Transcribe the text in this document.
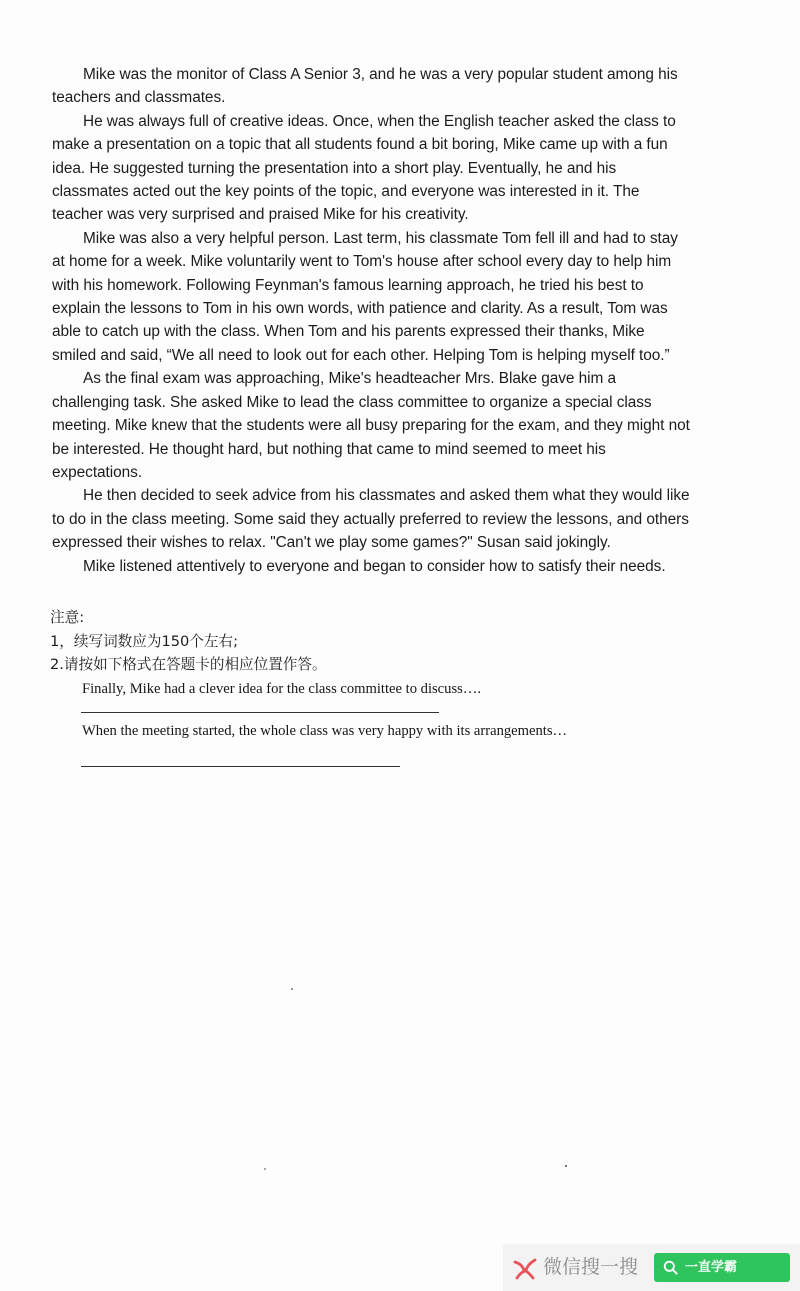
Mike was the monitor of Class A Senior 3, and he was a very popular student among his teachers and classmates.

He was always full of creative ideas. Once, when the English teacher asked the class to make a presentation on a topic that all students found a bit boring, Mike came up with a fun idea. He suggested turning the presentation into a short play. Eventually, he and his classmates acted out the key points of the topic, and everyone was interested in it. The teacher was very surprised and praised Mike for his creativity.

Mike was also a very helpful person. Last term, his classmate Tom fell ill and had to stay at home for a week. Mike voluntarily went to Tom's house after school every day to help him with his homework. Following Feynman's famous learning approach, he tried his best to explain the lessons to Tom in his own words, with patience and clarity. As a result, Tom was able to catch up with the class. When Tom and his parents expressed their thanks, Mike smiled and said, “We all need to look out for each other. Helping Tom is helping myself too.”

As the final exam was approaching, Mike's headteacher Mrs. Blake gave him a challenging task. She asked Mike to lead the class committee to organize a special class meeting. Mike knew that the students were all busy preparing for the exam, and they might not be interested. He thought hard, but nothing that came to mind seemed to meet his expectations.

He then decided to seek advice from his classmates and asked them what they would like to do in the class meeting. Some said they actually preferred to review the lessons, and others expressed their wishes to relax. "Can't we play some games?" Susan said jokingly.

Mike listened attentively to everyone and began to consider how to satisfy their needs.

注意:
1，续写词数应为150个左右;
2.请按如下格式在答题卡的相应位置作答。
Finally, Mike had a clever idea for the class committee to discuss….
When the meeting started, the whole class was very happy with its arrangements…
微信搜一搜	一直学霸
